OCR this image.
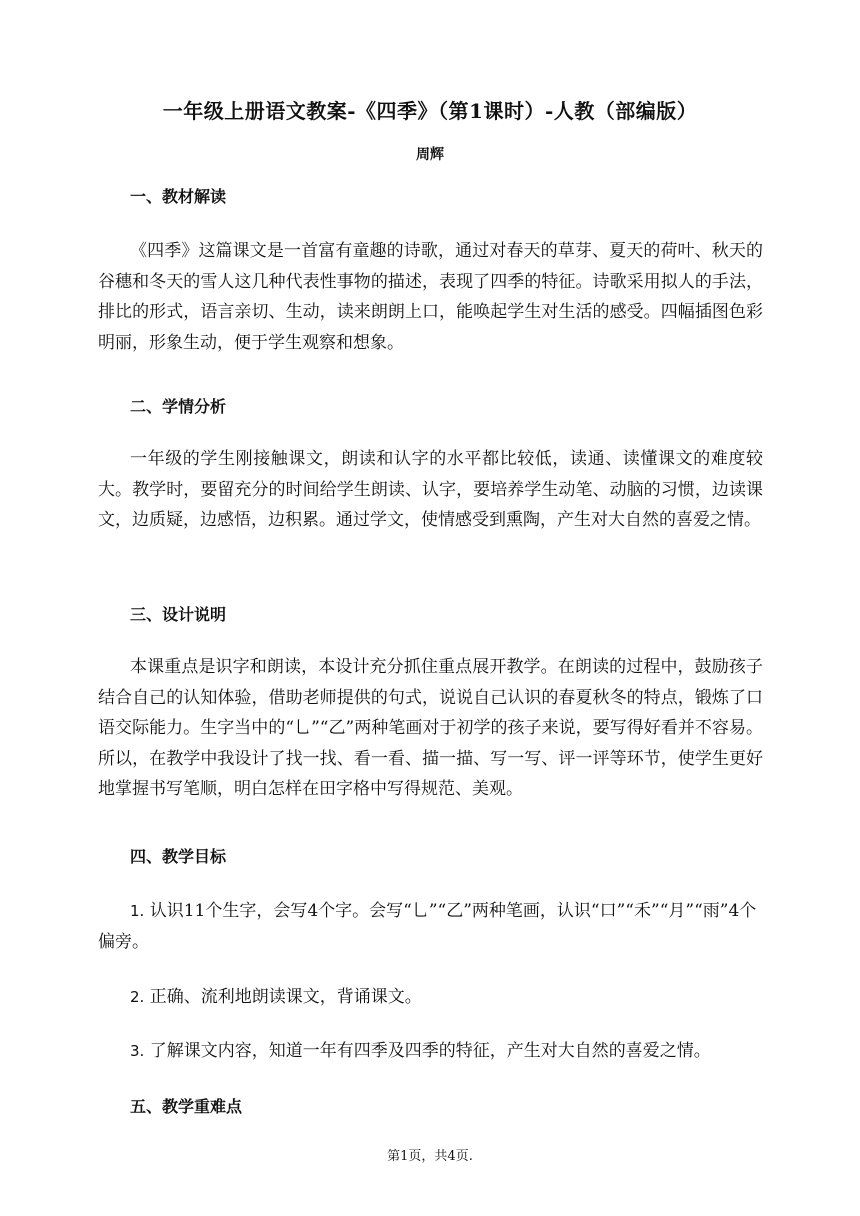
一年级上册语文教案-《四季》（第1课时）-人教（部编版）
周辉
一、教材解读

《四季》这篇课文是一首富有童趣的诗歌，通过对春天的草芽、夏天的荷叶、秋天的谷穗和冬天的雪人这几种代表性事物的描述，表现了四季的特征。诗歌采用拟人的手法，排比的形式，语言亲切、生动，读来朗朗上口，能唤起学生对生活的感受。四幅插图色彩明丽，形象生动，便于学生观察和想象。

二、学情分析

一年级的学生刚接触课文，朗读和认字的水平都比较低，读通、读懂课文的难度较大。教学时，要留充分的时间给学生朗读、认字，要培养学生动笔、动脑的习惯，边读课文，边质疑，边感悟，边积累。通过学文，使情感受到熏陶，产生对大自然的喜爱之情。

三、设计说明

本课重点是识字和朗读，本设计充分抓住重点展开教学。在朗读的过程中，鼓励孩子结合自己的认知体验，借助老师提供的句式，说说自己认识的春夏秋冬的特点，锻炼了口语交际能力。生字当中的“乚”“乙”两种笔画对于初学的孩子来说，要写得好看并不容易。所以，在教学中我设计了找一找、看一看、描一描、写一写、评一评等环节，使学生更好地掌握书写笔顺，明白怎样在田字格中写得规范、美观。

四、教学目标

1. 认识11个生字，会写4个字。会写“乚”“乙”两种笔画，认识“口”“禾”“月”“雨”4个偏旁。

2. 正确、流利地朗读课文，背诵课文。

3. 了解课文内容，知道一年有四季及四季的特征，产生对大自然的喜爱之情。

五、教学重难点
第1页，共4页.
